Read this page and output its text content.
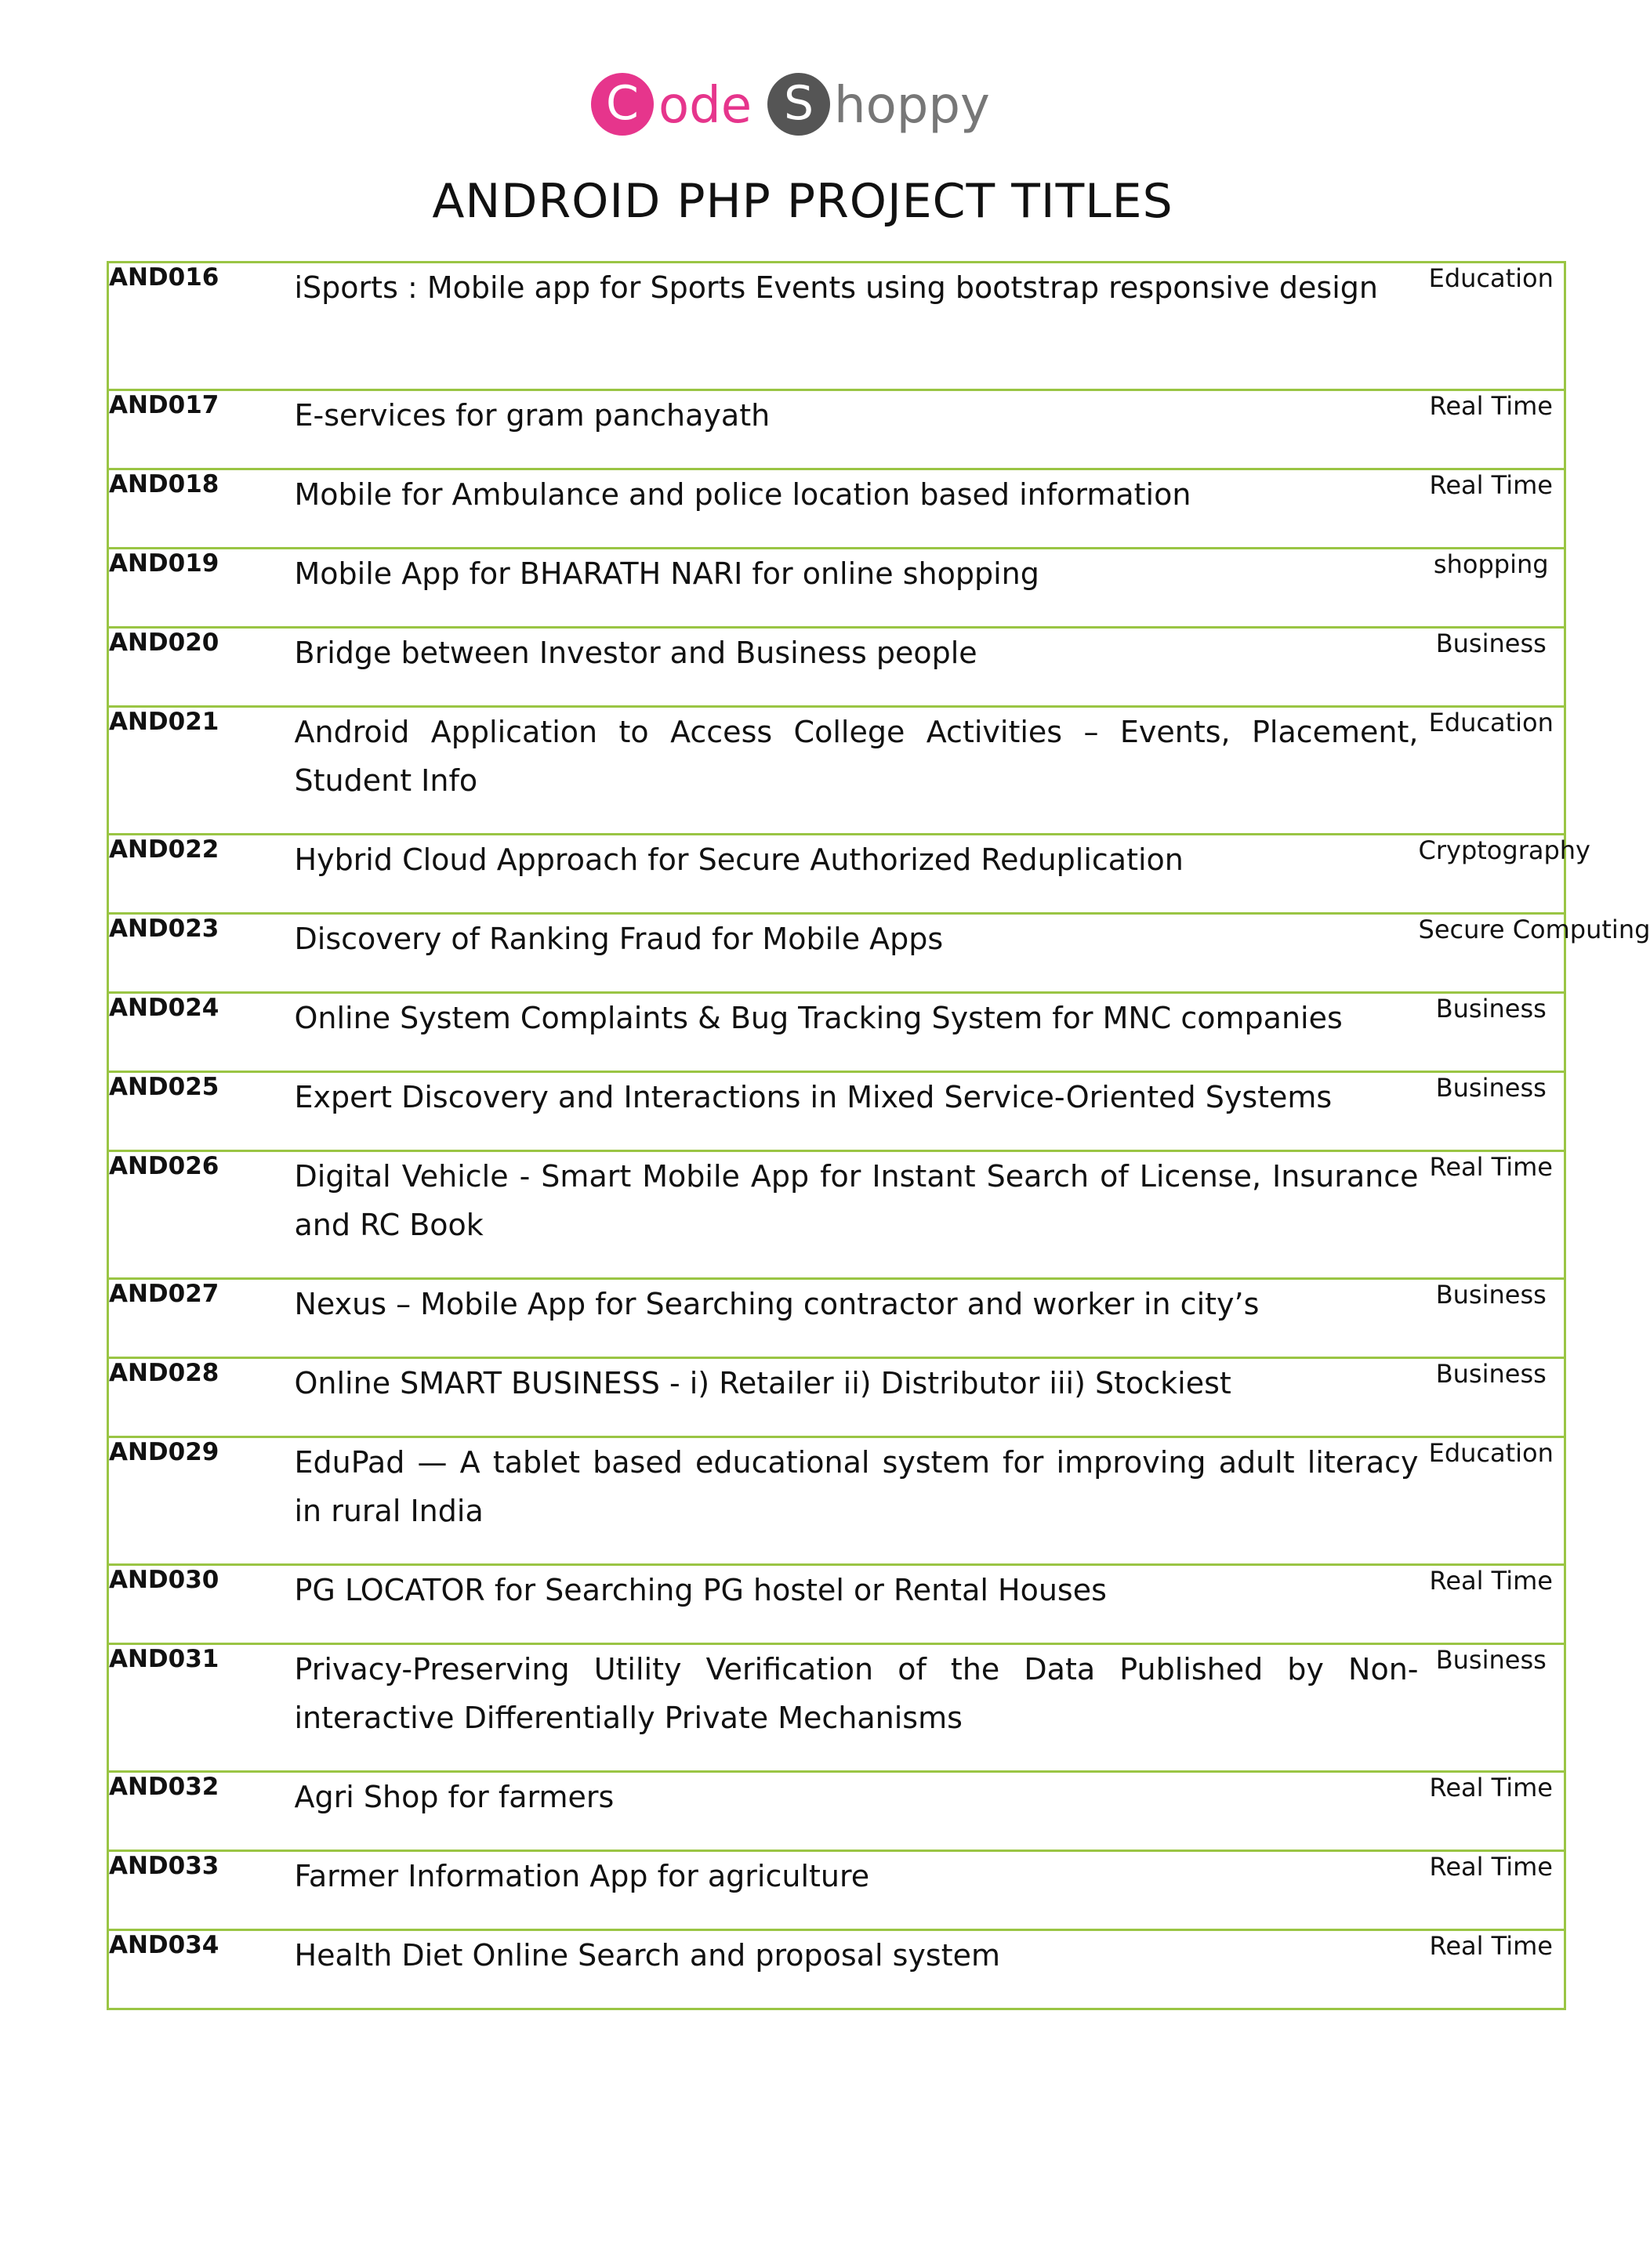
C ode S hoppy
ANDROID PHP PROJECT TITLES
AND016	iSports : Mobile app for Sports Events using bootstrap responsive design	Education
AND017	E-services for gram panchayath	Real Time
AND018	Mobile for Ambulance and police location based information	Real Time
AND019	Mobile App for BHARATH NARI for online shopping	shopping
AND020	Bridge between Investor and Business people	Business
AND021	Android Application to Access College Activities – Events, Placement, Student Info	Education
AND022	Hybrid Cloud Approach for Secure Authorized Reduplication	Cryptography
AND023	Discovery of Ranking Fraud for Mobile Apps	Secure Computing
AND024	Online System Complaints & Bug Tracking System for MNC companies	Business
AND025	Expert Discovery and Interactions in Mixed Service-Oriented Systems	Business
AND026	Digital Vehicle - Smart Mobile App for Instant Search of License, Insurance and RC Book	Real Time
AND027	Nexus – Mobile App for Searching contractor and worker in city’s	Business
AND028	Online SMART BUSINESS - i) Retailer ii) Distributor iii) Stockiest	Business
AND029	EduPad — A tablet based educational system for improving adult literacy in rural India	Education
AND030	PG LOCATOR for Searching PG hostel or Rental Houses	Real Time
AND031	Privacy-Preserving Utility Verification of the Data Published by Non-interactive Differentially Private Mechanisms	Business
AND032	Agri Shop for farmers	Real Time
AND033	Farmer Information App for agriculture	Real Time
AND034	Health Diet Online Search and proposal system	Real Time
